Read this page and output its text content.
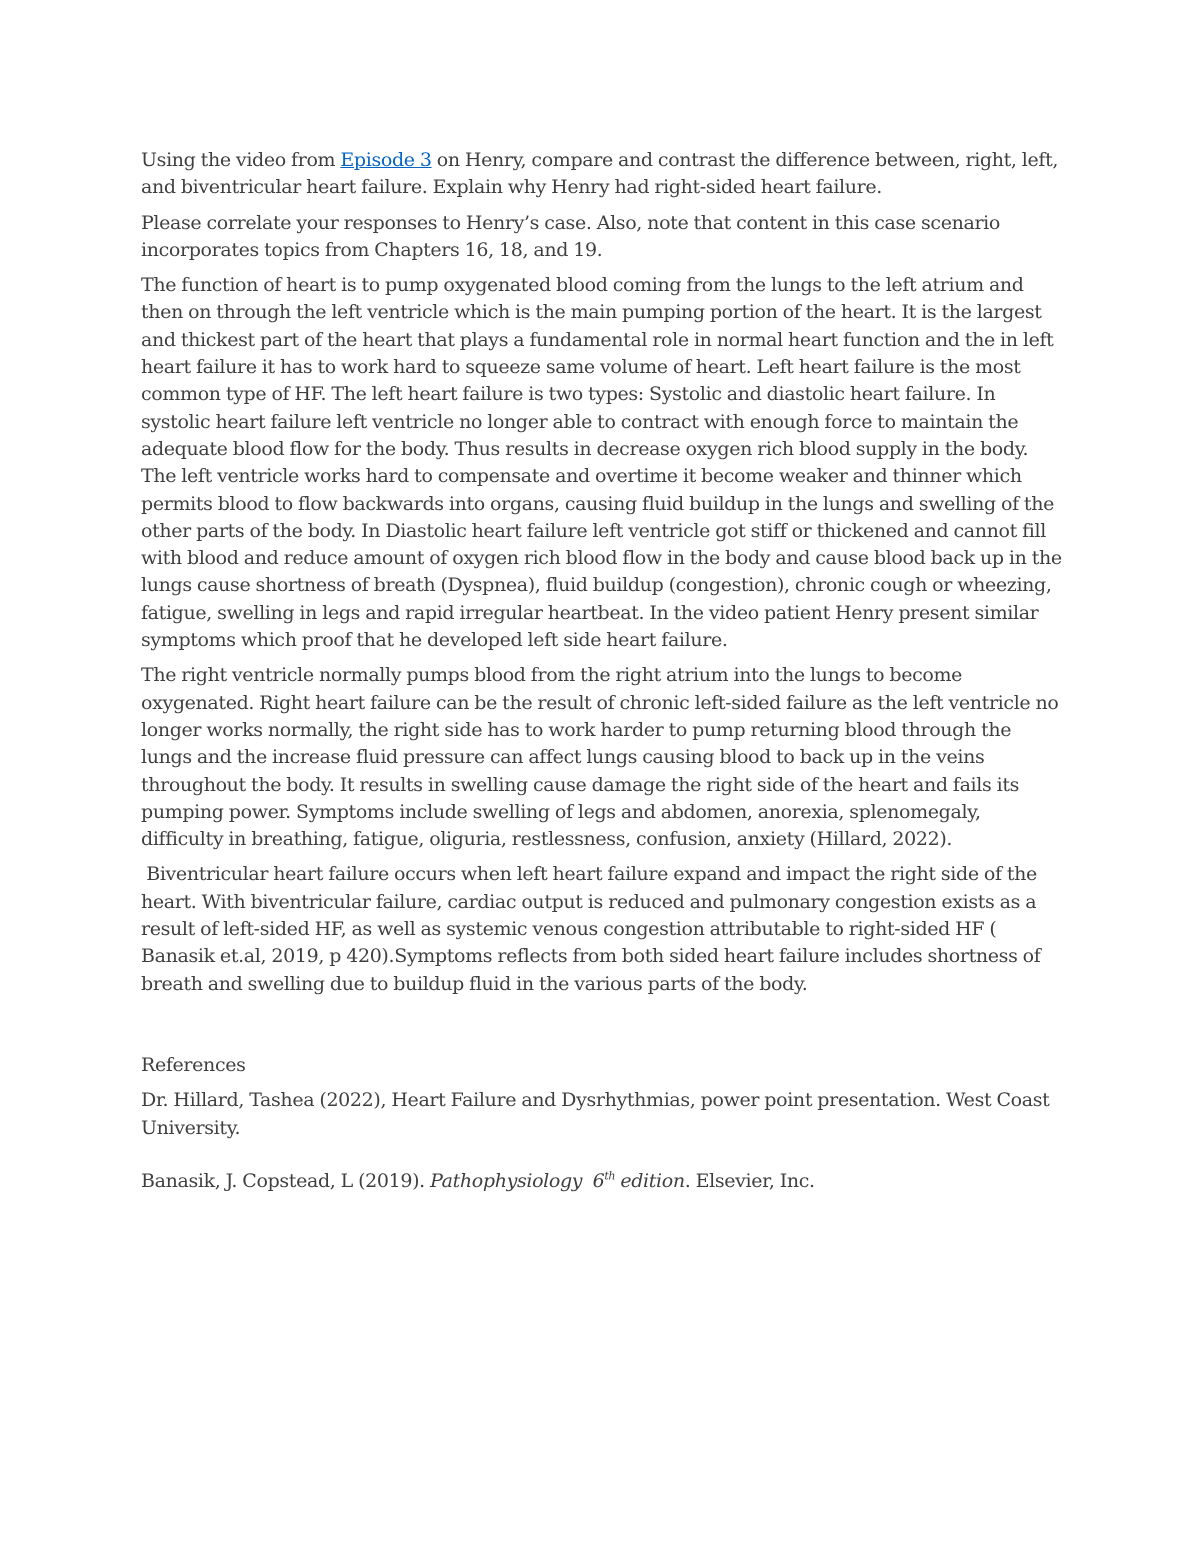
Using the video from Episode 3 on Henry, compare and contrast the difference between, right, left, and biventricular heart failure. Explain why Henry had right-sided heart failure.

Please correlate your responses to Henry’s case. Also, note that content in this case scenario incorporates topics from Chapters 16, 18, and 19.

The function of heart is to pump oxygenated blood coming from the lungs to the left atrium and then on through the left ventricle which is the main pumping portion of the heart. It is the largest and thickest part of the heart that plays a fundamental role in normal heart function and the in left heart failure it has to work hard to squeeze same volume of heart. Left heart failure is the most common type of HF. The left heart failure is two types: Systolic and diastolic heart failure. In systolic heart failure left ventricle no longer able to contract with enough force to maintain the adequate blood flow for the body. Thus results in decrease oxygen rich blood supply in the body. The left ventricle works hard to compensate and overtime it become weaker and thinner which permits blood to flow backwards into organs, causing fluid buildup in the lungs and swelling of the other parts of the body. In Diastolic heart failure left ventricle got stiff or thickened and cannot fill with blood and reduce amount of oxygen rich blood flow in the body and cause blood back up in the lungs cause shortness of breath (Dyspnea), fluid buildup (congestion), chronic cough or wheezing, fatigue, swelling in legs and rapid irregular heartbeat. In the video patient Henry present similar symptoms which proof that he developed left side heart failure.

The right ventricle normally pumps blood from the right atrium into the lungs to become oxygenated. Right heart failure can be the result of chronic left-sided failure as the left ventricle no longer works normally, the right side has to work harder to pump returning blood through the lungs and the increase fluid pressure can affect lungs causing blood to back up in the veins throughout the body. It results in swelling cause damage the right side of the heart and fails its pumping power. Symptoms include swelling of legs and abdomen, anorexia, splenomegaly, difficulty in breathing, fatigue, oliguria, restlessness, confusion, anxiety (Hillard, 2022).

Biventricular heart failure occurs when left heart failure expand and impact the right side of the heart. With biventricular failure, cardiac output is reduced and pulmonary congestion exists as a result of left-sided HF, as well as systemic venous congestion attributable to right-sided HF ( Banasik et.al, 2019, p 420).Symptoms reflects from both sided heart failure includes shortness of breath and swelling due to buildup fluid in the various parts of the body.

References

Dr. Hillard, Tashea (2022), Heart Failure and Dysrhythmias, power point presentation. West Coast University.

Banasik, J. Copstead, L (2019). Pathophysiology  6th edition. Elsevier, Inc.
